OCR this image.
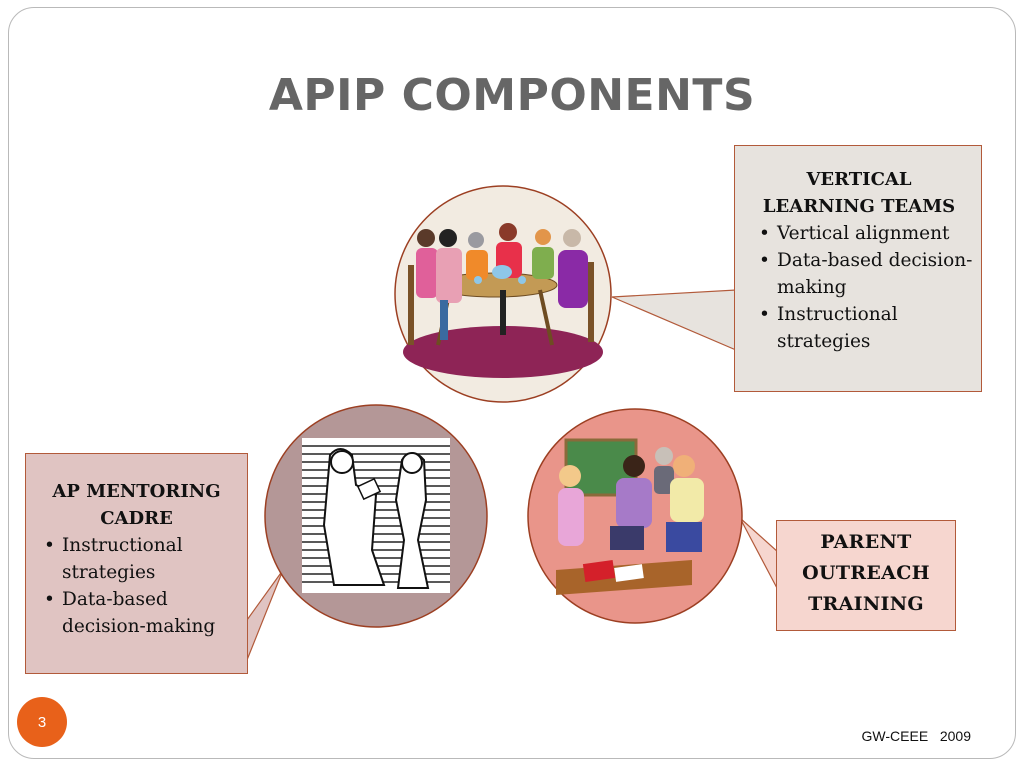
APIP COMPONENTS
VERTICAL
LEARNING TEAMS
• Vertical alignment
• Data-based decision-making
• Instructional strategies
AP MENTORING
CADRE
• Instructional strategies
• Data-based decision-making
PARENT
OUTREACH
TRAINING
3
GW-CEEE   2009
